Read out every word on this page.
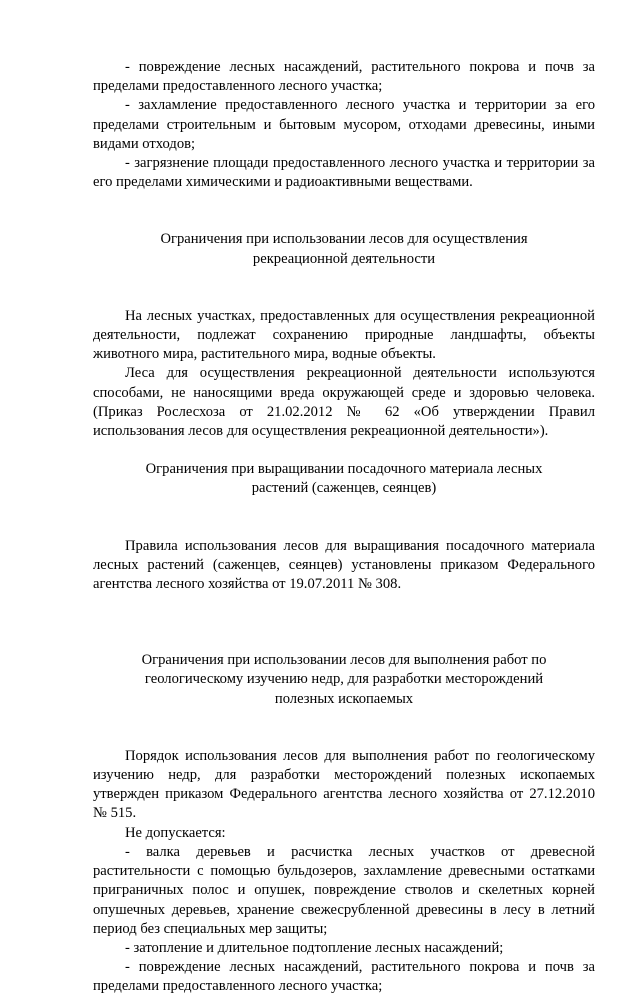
- повреждение лесных насаждений, растительного покрова и почв за пределами предоставленного лесного участка;

- захламление предоставленного лесного участка и территории за его пределами строительным и бытовым мусором, отходами древесины, иными видами отходов;

- загрязнение площади предоставленного лесного участка и территории за его пределами химическими и радиоактивными веществами.

Ограничения при использовании лесов для осуществления рекреационной деятельности

На лесных участках, предоставленных для осуществления рекреационной деятельности, подлежат сохранению природные ландшафты, объекты животного мира, растительного мира, водные объекты.

Леса для осуществления рекреационной деятельности используются способами, не наносящими вреда окружающей среде и здоровью человека. (Приказ Рослесхоза от 21.02.2012 № 62 «Об утверждении Правил использования лесов для осуществления рекреационной деятельности»).

Ограничения при выращивании посадочного материала лесных растений (саженцев, сеянцев)

Правила использования лесов для выращивания посадочного материала лесных растений (саженцев, сеянцев) установлены приказом Федерального агентства лесного хозяйства от 19.07.2011 № 308.

Ограничения при использовании лесов для выполнения работ по геологическому изучению недр, для разработки месторождений полезных ископаемых

Порядок использования лесов для выполнения работ по геологическому изучению недр, для разработки месторождений полезных ископаемых утвержден приказом Федерального агентства лесного хозяйства от 27.12.2010 № 515.

Не допускается:

- валка деревьев и расчистка лесных участков от древесной растительности с помощью бульдозеров, захламление древесными остатками приграничных полос и опушек, повреждение стволов и скелетных корней опушечных деревьев, хранение свежесрубленной древесины в лесу в летний период без специальных мер защиты;

- затопление и длительное подтопление лесных насаждений;

- повреждение лесных насаждений, растительного покрова и почв за пределами предоставленного лесного участка;
